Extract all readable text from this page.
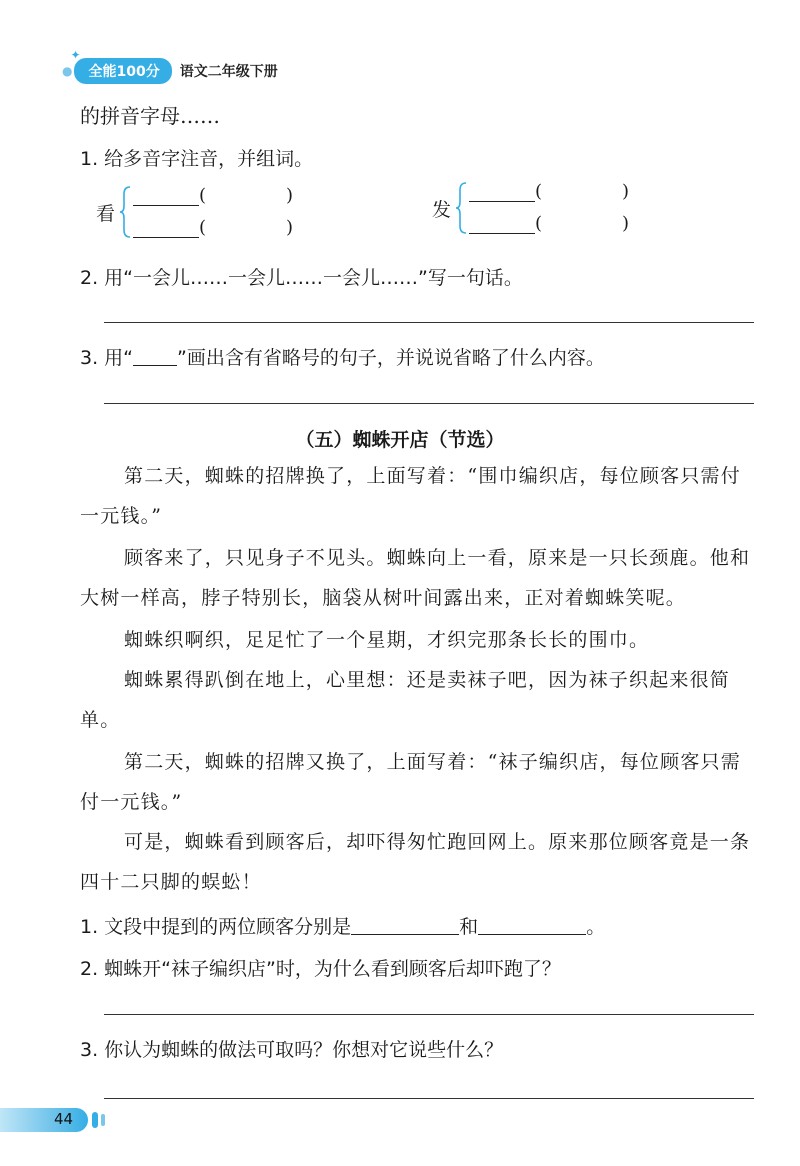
●
✦
全能100分	语文二年级下册
的拼音字母……
1. 给多音字注音，并组词。
看
(	)
(	)
发
(	)
(	)
2. 用“一会儿……一会儿……一会儿……”写一句话。
3. 用“ ”画出含有省略号的句子，并说说省略了什么内容。
（五）蜘蛛开店（节选）
第二天，蜘蛛的招牌换了，上面写着：“围巾编织店，每位顾客只需付一元钱。”
顾客来了，只见身子不见头。蜘蛛向上一看，原来是一只长颈鹿。他和大树一样高，脖子特别长，脑袋从树叶间露出来，正对着蜘蛛笑呢。
蜘蛛织啊织，足足忙了一个星期，才织完那条长长的围巾。
蜘蛛累得趴倒在地上，心里想：还是卖袜子吧，因为袜子织起来很简单。
第二天，蜘蛛的招牌又换了，上面写着：“袜子编织店，每位顾客只需付一元钱。”
可是，蜘蛛看到顾客后，却吓得匆忙跑回网上。原来那位顾客竟是一条四十二只脚的蜈蚣！
1. 文段中提到的两位顾客分别是	和	。
2. 蜘蛛开“袜子编织店”时，为什么看到顾客后却吓跑了？
3. 你认为蜘蛛的做法可取吗？你想对它说些什么？
44
